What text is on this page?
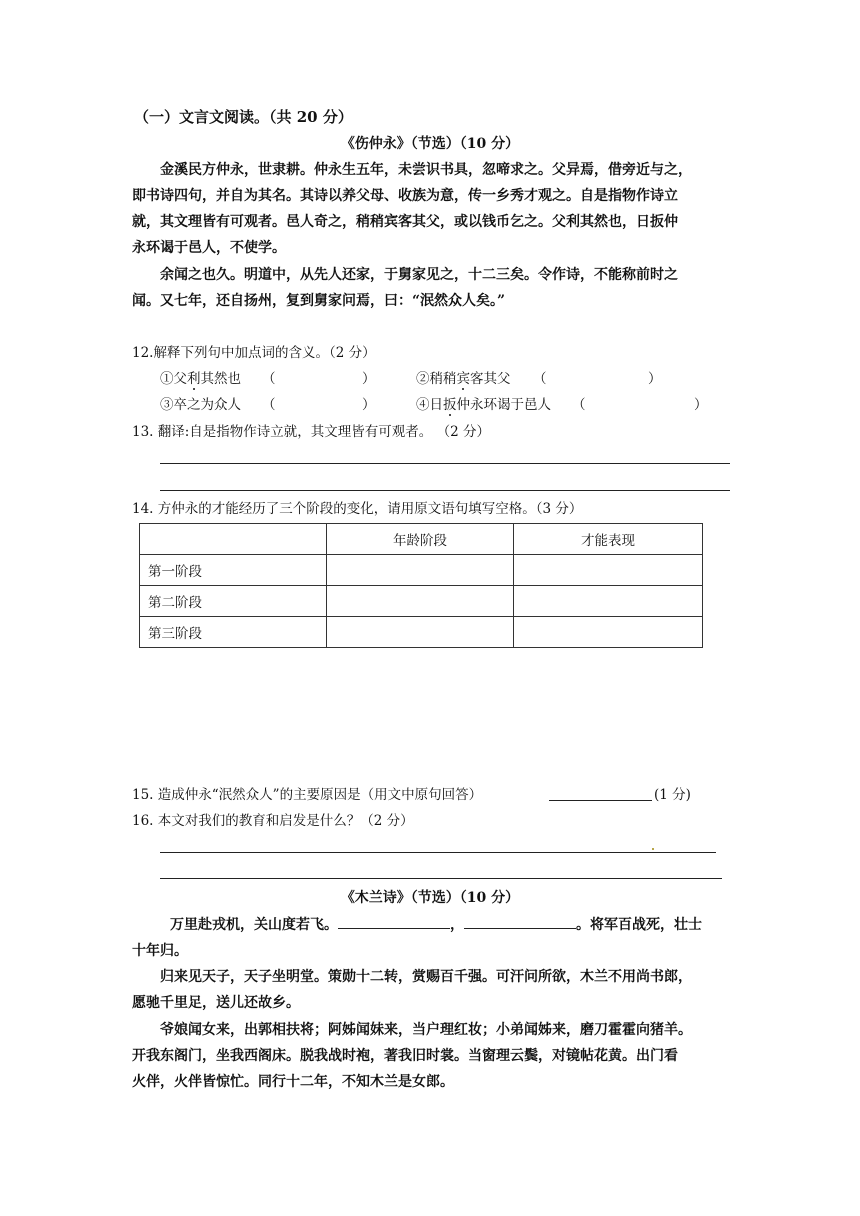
（一）文言文阅读。（共 20 分）
《伤仲永》（节选）（10 分）
金溪民方仲永，世隶耕。仲永生五年，未尝识书具，忽啼求之。父异焉，借旁近与之，
即书诗四句，并自为其名。其诗以养父母、收族为意，传一乡秀才观之。自是指物作诗立
就，其文理皆有可观者。邑人奇之，稍稍宾客其父，或以钱币乞之。父利其然也，日扳仲
永环谒于邑人，不使学。
余闻之也久。明道中，从先人还家，于舅家见之，十二三矣。令作诗，不能称前时之
闻。又七年，还自扬州，复到舅家问焉，曰：“泯然众人矣。”
12.解释下列句中加点词的含义。（2 分）
①父利其然也 （	）	②稍稍宾客其父 （	）
③卒之为众人 （	）	④日扳仲永环谒于邑人 （	）
13. 翻译:自是指物作诗立就，其文理皆有可观者。 （2 分）
14. 方仲永的才能经历了三个阶段的变化，请用原文语句填写空格。（3 分）
	年龄阶段	才能表现
第一阶段		
第二阶段		
第三阶段		
15. 造成仲永“泯然众人”的主要原因是（用文中原句回答）	(1 分)
16. 本文对我们的教育和启发是什么？（2 分）
《木兰诗》（节选）（10 分）
万里赴戎机，关山度若飞。	，	。将军百战死，壮士
十年归。
归来见天子，天子坐明堂。策勋十二转，赏赐百千强。可汗问所欲，木兰不用尚书郎，
愿驰千里足，送儿还故乡。
爷娘闻女来，出郭相扶将；阿姊闻妹来，当户理红妆；小弟闻姊来，磨刀霍霍向猪羊。
开我东阁门，坐我西阁床。脱我战时袍，著我旧时裳。当窗理云鬓，对镜帖花黄。出门看
火伴，火伴皆惊忙。同行十二年，不知木兰是女郎。
